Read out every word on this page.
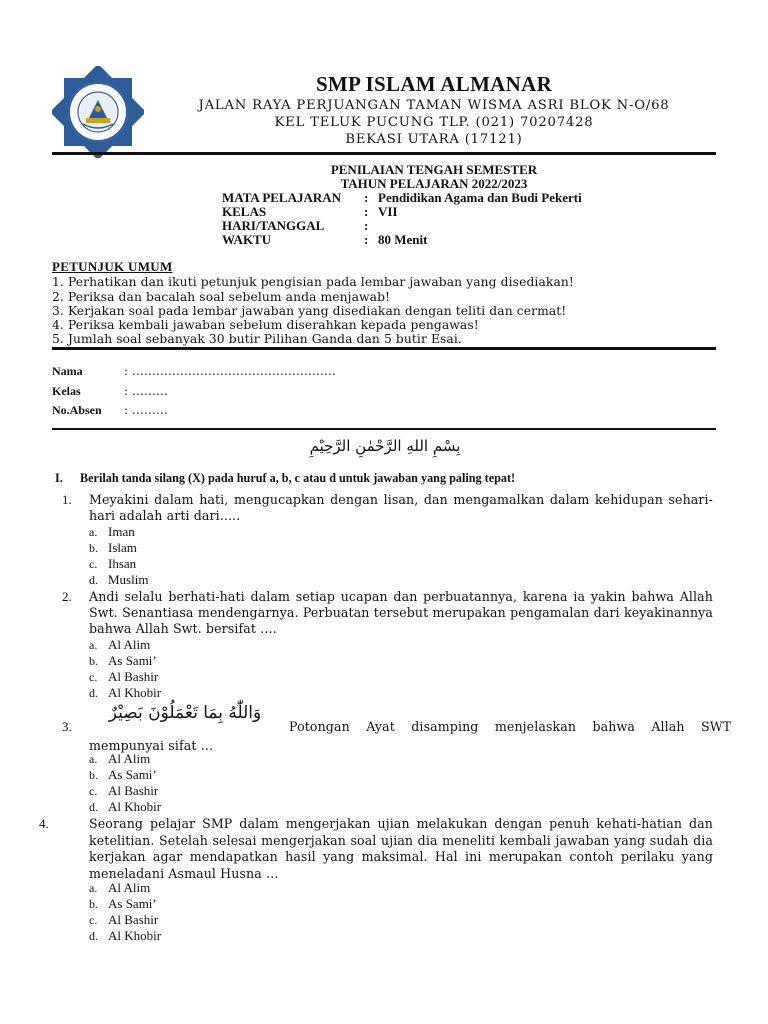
SMP ISLAM ALMANAR
JALAN RAYA PERJUANGAN TAMAN WISMA ASRI BLOK N-O/68
KEL TELUK PUCUNG TLP. (021) 70207428
BEKASI UTARA (17121)
PENILAIAN TENGAH SEMESTER
TAHUN PELAJARAN 2022/2023
MATA PELAJARAN : Pendidikan Agama dan Budi Pekerti
KELAS	: VII
HARI/TANGGAL	:
WAKTU	: 80 Menit
PETUNJUK UMUM
1. Perhatikan dan ikuti petunjuk pengisian pada lembar jawaban yang disediakan!
2. Periksa dan bacalah soal sebelum anda menjawab!
3. Kerjakan soal pada lembar jawaban yang disediakan dengan teliti dan cermat!
4. Periksa kembali jawaban sebelum diserahkan kepada pengawas!
5. Jumlah soal sebanyak 30 butir Pilihan Ganda dan 5 butir Esai.
Nama	: ……………………………………………
Kelas	: ………
No.Absen : ………
بِسْمِ اللهِ الرَّحْمٰنِ الرَّحِيْمِ
I. Berilah tanda silang (X) pada huruf a, b, c atau d untuk jawaban yang paling tepat!
1. Meyakini dalam hati, mengucapkan dengan lisan, dan mengamalkan dalam kehidupan sehari-hari adalah arti dari.....
a. Iman
b. Islam
c. Ihsan
d. Muslim
2. Andi selalu berhati-hati dalam setiap ucapan dan perbuatannya, karena ia yakin bahwa Allah Swt. Senantiasa mendengarnya. Perbuatan tersebut merupakan pengamalan dari keyakinannya bahwa Allah Swt. bersifat ….
a. Al Alim
b. As Sami’
c. Al Bashir
d. Al Khobir
3.
وَاللّٰهُ بِمَا تَعْمَلُوْنَ بَصِيْرٌ
Potongan    Ayat    disamping    menjelaskan    bahwa    Allah    SWT
mempunyai sifat …
a. Al Alim
b. As Sami’
c. Al Bashir
d. Al Khobir
4.	Seorang pelajar SMP dalam mengerjakan ujian melakukan dengan penuh kehati-hatian dan ketelitian. Setelah selesai mengerjakan soal ujian dia meneliti kembali jawaban yang sudah dia kerjakan agar mendapatkan hasil yang maksimal. Hal ini merupakan contoh perilaku yang meneladani Asmaul Husna …
a. Al Alim
b. As Sami’
c. Al Bashir
d. Al Khobir
